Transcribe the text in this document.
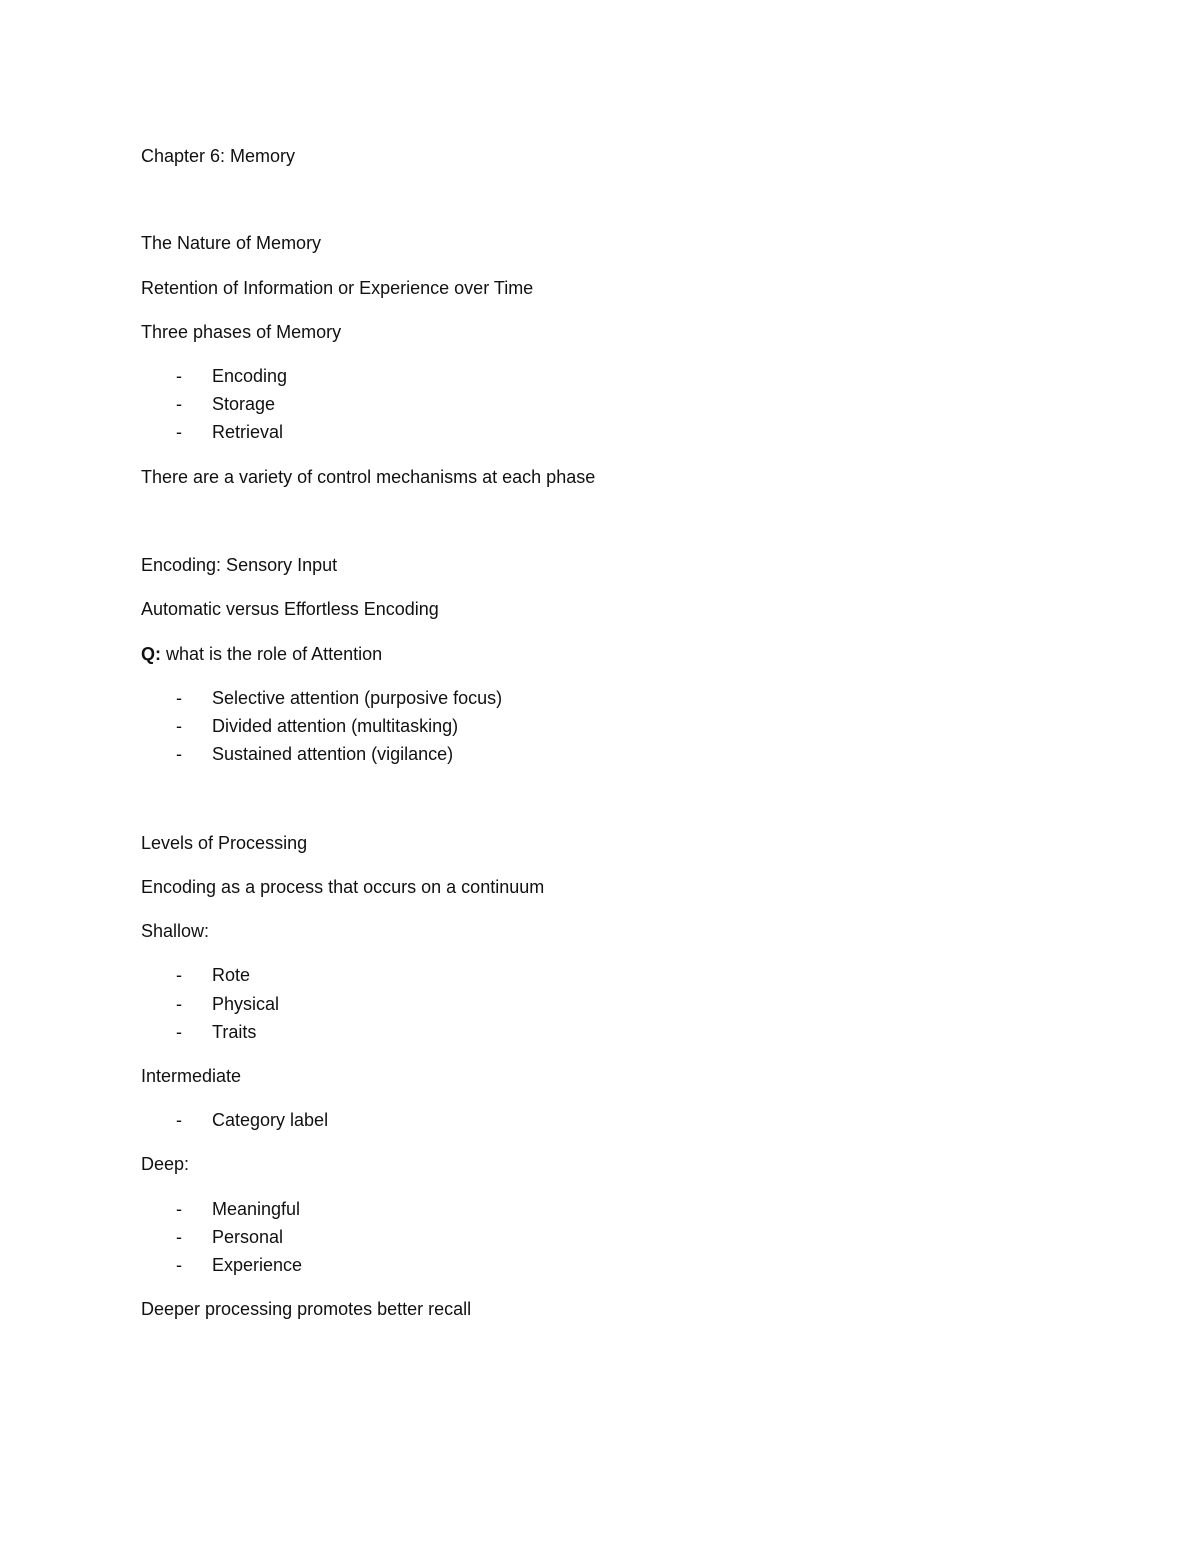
Chapter 6: Memory
The Nature of Memory
Retention of Information or Experience over Time
Three phases of Memory
- Encoding
- Storage
- Retrieval
There are a variety of control mechanisms at each phase
Encoding: Sensory Input
Automatic versus Effortless Encoding
Q: what is the role of Attention
- Selective attention (purposive focus)
- Divided attention (multitasking)
- Sustained attention (vigilance)
Levels of Processing
Encoding as a process that occurs on a continuum
Shallow:
- Rote
- Physical
- Traits
Intermediate
- Category label
Deep:
- Meaningful
- Personal
- Experience
Deeper processing promotes better recall
